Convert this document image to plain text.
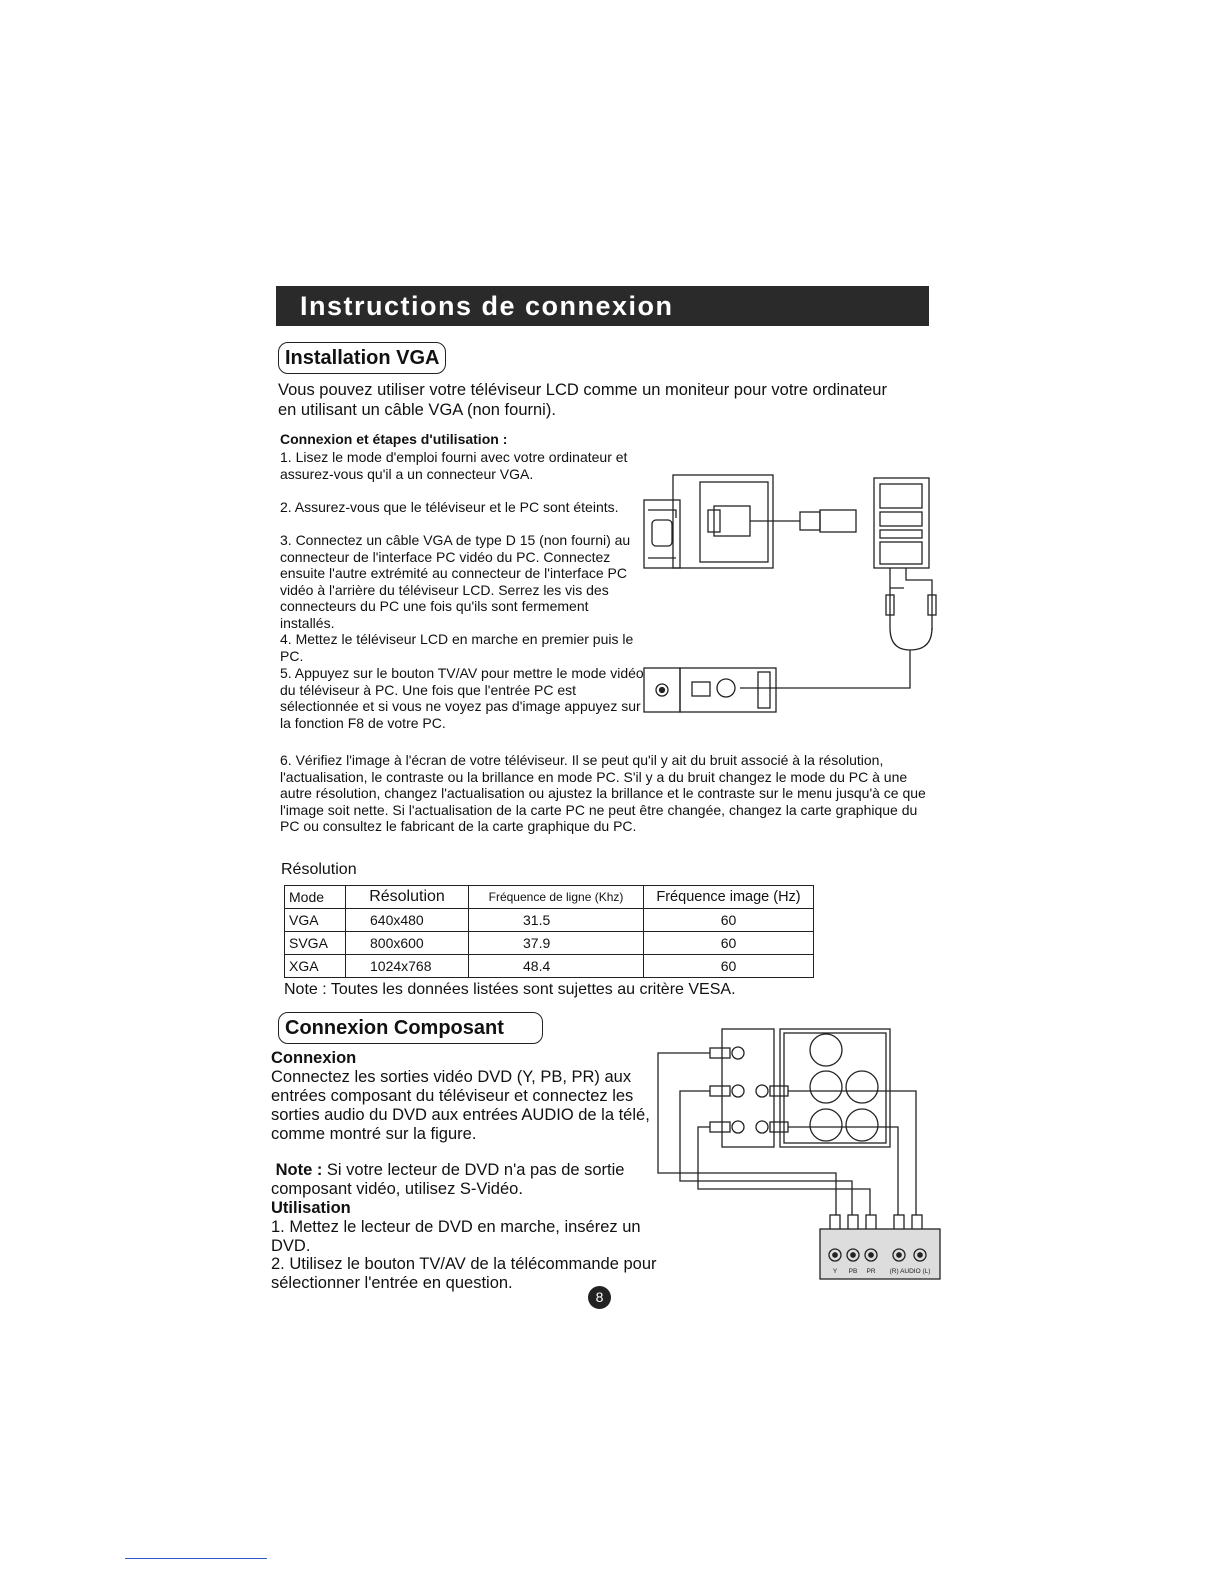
Instructions de connexion
Installation VGA
Vous pouvez utiliser votre téléviseur LCD comme un moniteur pour votre ordinateur en utilisant un câble VGA (non fourni).
Connexion et étapes d'utilisation :
1. Lisez le mode d'emploi fourni avec votre ordinateur et assurez-vous qu'il a un connecteur VGA.
2. Assurez-vous que le téléviseur et le PC sont éteints.
3. Connectez un câble VGA de type D 15 (non fourni) au connecteur de l'interface PC vidéo du PC. Connectez ensuite l'autre extrémité au connecteur de l'interface PC vidéo à l'arrière du téléviseur LCD. Serrez les vis des connecteurs du PC une fois qu'ils sont fermement installés.
4. Mettez le téléviseur LCD en marche en premier puis le PC.
5. Appuyez sur le bouton TV/AV pour mettre le mode vidéo du téléviseur à PC. Une fois que l'entrée PC est sélectionnée et si vous ne voyez pas d'image appuyez sur la fonction F8 de votre PC.
6. Vérifiez l'image à l'écran de votre téléviseur. Il se peut qu'il y ait du bruit associé à la résolution, l'actualisation, le contraste ou la brillance en mode PC. S'il y a du bruit changez le mode du PC à une autre résolution, changez l'actualisation ou ajustez la brillance et le contraste sur le menu jusqu'à ce que l'image soit nette. Si l'actualisation de la carte PC ne peut être changée, changez la carte graphique du PC ou consultez le fabricant de la carte graphique du PC.
Résolution
Mode	Résolution	Fréquence de ligne (Khz)	Fréquence image (Hz)
VGA	640x480	31.5	60
SVGA	800x600	37.9	60
XGA	1024x768	48.4	60
Note : Toutes les données listées sont sujettes au critère VESA.
Connexion Composant
Connexion
Connectez les sorties vidéo DVD (Y, PB, PR) aux entrées composant du téléviseur et connectez les sorties audio du DVD aux entrées AUDIO de la télé, comme montré sur la figure.
Note : Si votre lecteur de DVD n'a pas de sortie composant vidéo, utilisez S-Vidéo.
Utilisation
1. Mettez le lecteur de DVD en marche, insérez un DVD.
2. Utilisez le bouton TV/AV de la télécommande pour sélectionner l'entrée en question.
Y PB PR (R) AUDIO (L)
8
